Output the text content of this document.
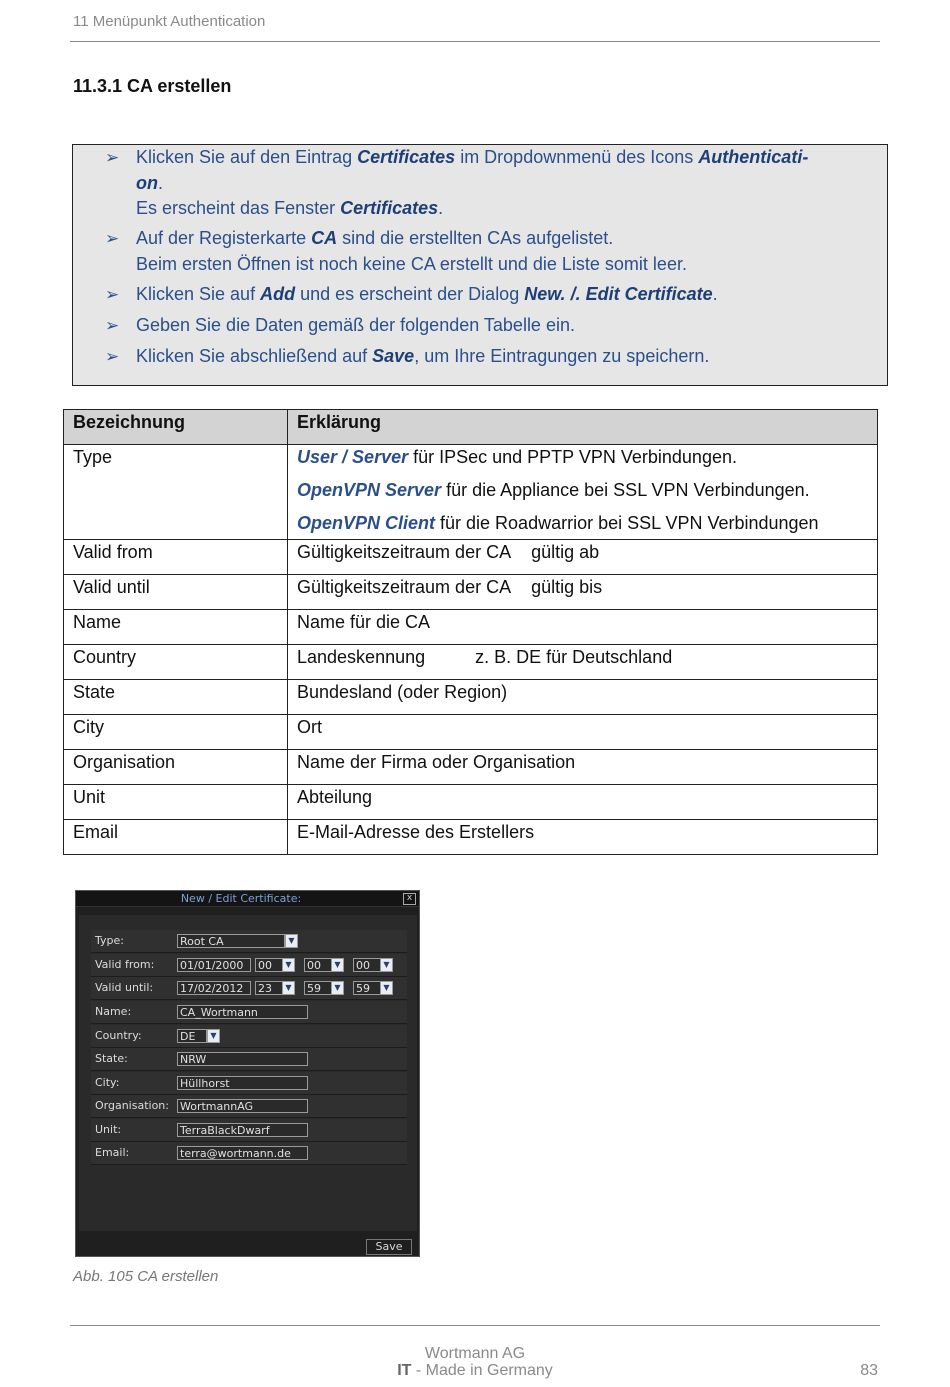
11 Menüpunkt Authentication
11.3.1 CA erstellen
➢ Klicken Sie auf den Eintrag Certificates im Dropdownmenü des Icons Authenticati-
on.
Es erscheint das Fenster Certificates.
➢ Auf der Registerkarte CA sind die erstellten CAs aufgelistet.
Beim ersten Öffnen ist noch keine CA erstellt und die Liste somit leer.
➢ Klicken Sie auf Add und es erscheint der Dialog New. /. Edit Certificate.
➢ Geben Sie die Daten gemäß der folgenden Tabelle ein.
➢ Klicken Sie abschließend auf Save, um Ihre Eintragungen zu speichern.
Bezeichnung	Erklärung
Type	User / Server für IPSec und PPTP VPN Verbindungen.
OpenVPN Server für die Appliance bei SSL VPN Verbindungen.
OpenVPN Client für die Roadwarrior bei SSL VPN Verbindungen

Valid from	Gültigkeitszeitraum der CA gültig ab
Valid until	Gültigkeitszeitraum der CA gültig bis
Name	Name für die CA
Country	Landeskennung z. B. DE für Deutschland
State	Bundesland (oder Region)
City	Ort
Organisation	Name der Firma oder Organisation
Unit	Abteilung
Email	E-Mail-Adresse des Erstellers
New / Edit Certificate:	x
Type:	Root CA	▼
Valid from: 01/01/2000	00	▼	00	▼	00	▼
Valid until: 17/02/2012	23	▼	59	▼	59	▼
Name:	CA_Wortmann
Country:	DE	▼
State:	NRW
City:	Hüllhorst
Organisation: WortmannAG
Unit:	TerraBlackDwarf
Email:	terra@wortmann.de
Save
Abb. 105 CA erstellen
Wortmann AG
IT - Made in Germany	83
